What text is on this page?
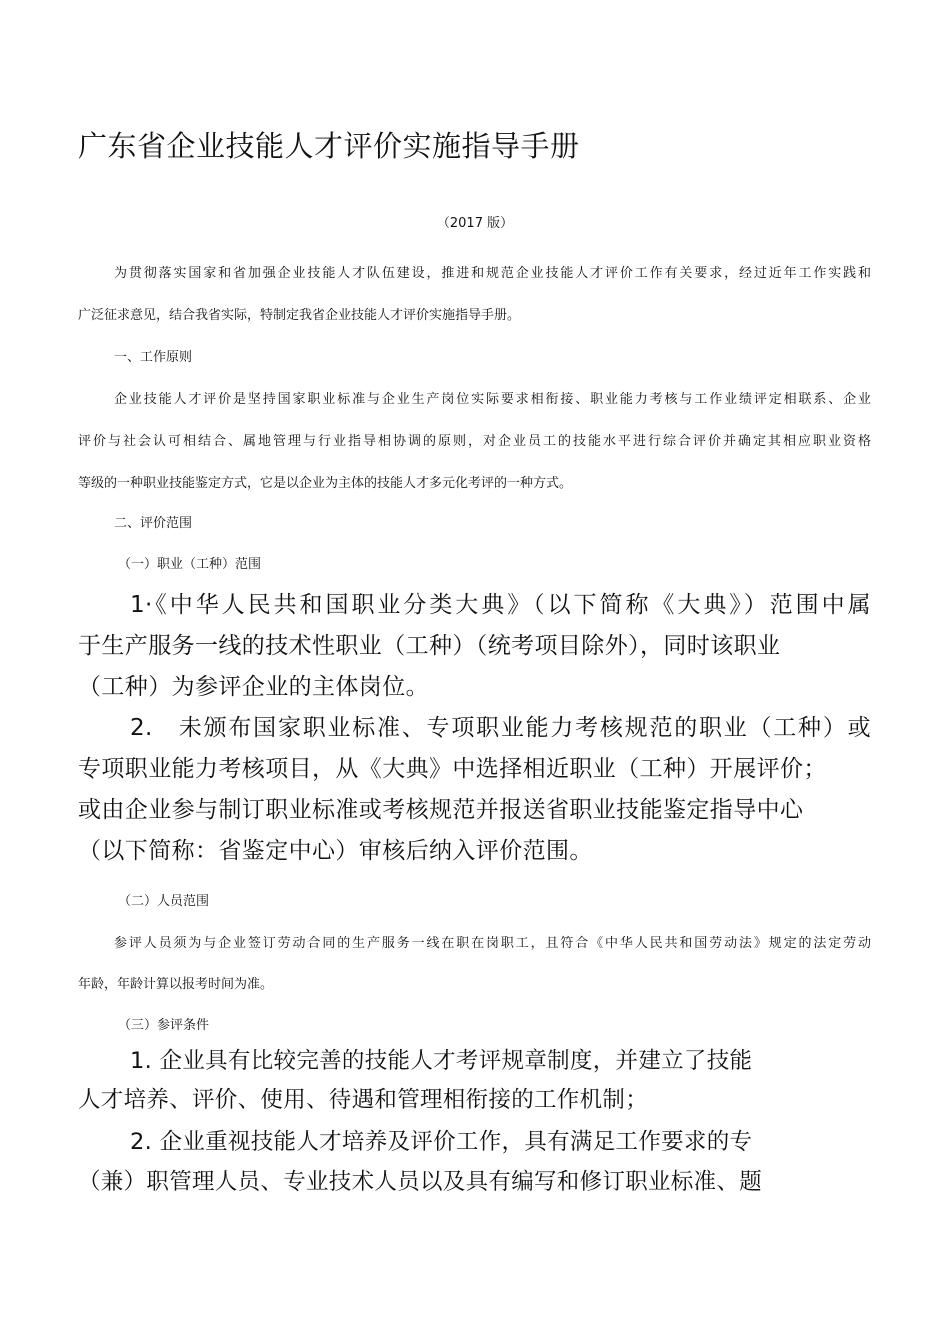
广东省企业技能人才评价实施指导手册
（2017 版）
为贯彻落实国家和省加强企业技能人才队伍建设，推进和规范企业技能人才评价工作有关要求，经过近年工作实践和
广泛征求意见，结合我省实际，特制定我省企业技能人才评价实施指导手册。
一、工作原则
企业技能人才评价是坚持国家职业标准与企业生产岗位实际要求相衔接、职业能力考核与工作业绩评定相联系、企业
评价与社会认可相结合、属地管理与行业指导相协调的原则，对企业员工的技能水平进行综合评价并确定其相应职业资格
等级的一种职业技能鉴定方式，它是以企业为主体的技能人才多元化考评的一种方式。
二、评价范围
（一）职业（工种）范围
1·《中华人民共和国职业分类大典》（以下简称《大典》）范围中属
于生产服务一线的技术性职业（工种）（统考项目除外），同时该职业
（工种）为参评企业的主体岗位。
2.　未颁布国家职业标准、专项职业能力考核规范的职业（工种）或
专项职业能力考核项目，从《大典》中选择相近职业（工种）开展评价；
或由企业参与制订职业标准或考核规范并报送省职业技能鉴定指导中心
（以下简称：省鉴定中心）审核后纳入评价范围。
（二）人员范围
参评人员须为与企业签订劳动合同的生产服务一线在职在岗职工，且符合《中华人民共和国劳动法》规定的法定劳动
年龄，年龄计算以报考时间为准。
（三）参评条件
1. 企业具有比较完善的技能人才考评规章制度，并建立了技能
人才培养、评价、使用、待遇和管理相衔接的工作机制；
2. 企业重视技能人才培养及评价工作，具有满足工作要求的专
（兼）职管理人员、专业技术人员以及具有编写和修订职业标准、题
